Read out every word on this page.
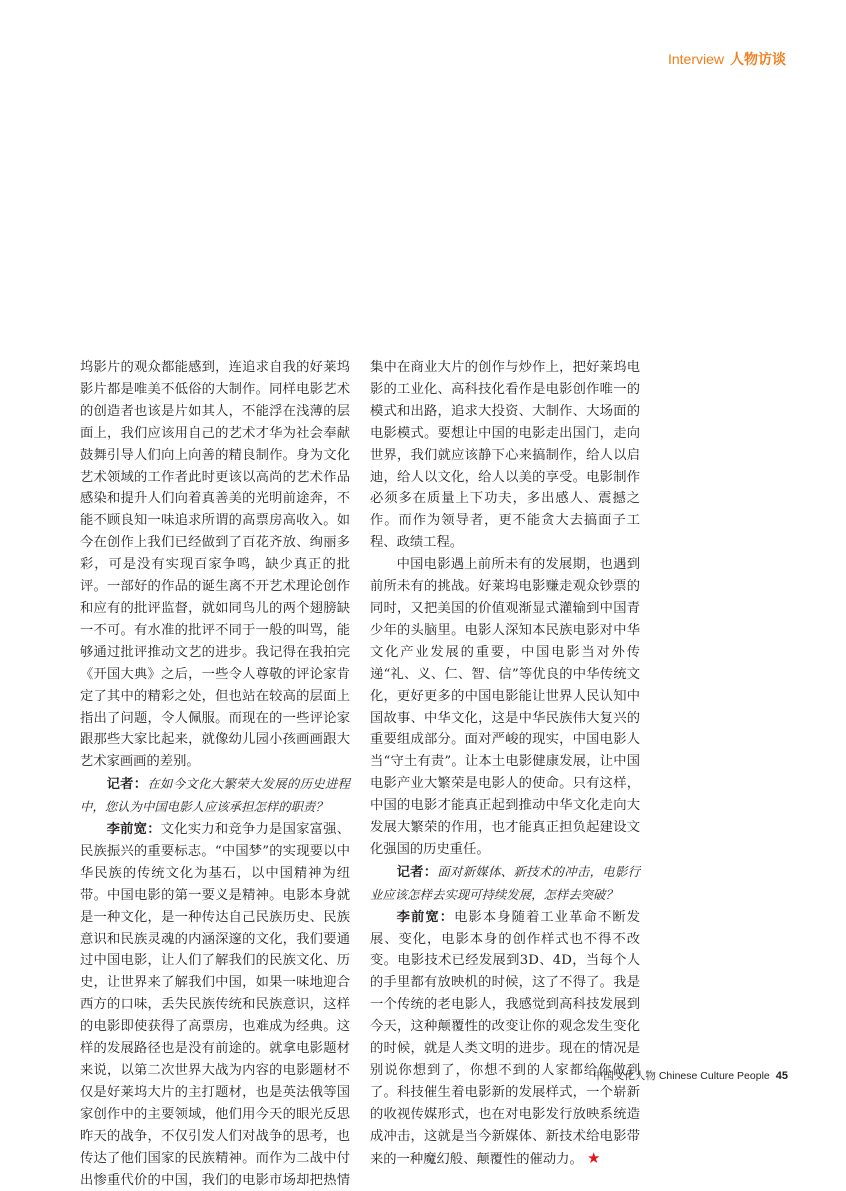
Interview 人物访谈

坞影片的观众都能感到，连追求自我的好莱坞影片都是唯美不低俗的大制作。同样电影艺术的创造者也该是片如其人，不能浮在浅薄的层面上，我们应该用自己的艺术才华为社会奉献鼓舞引导人们向上向善的精良制作。身为文化艺术领域的工作者此时更该以高尚的艺术作品感染和提升人们向着真善美的光明前途奔，不能不顾良知一味追求所谓的高票房高收入。如今在创作上我们已经做到了百花齐放、绚丽多彩，可是没有实现百家争鸣，缺少真正的批评。一部好的作品的诞生离不开艺术理论创作和应有的批评监督，就如同鸟儿的两个翅膀缺一不可。有水准的批评不同于一般的叫骂，能够通过批评推动文艺的进步。我记得在我拍完《开国大典》之后，一些令人尊敬的评论家肯定了其中的精彩之处，但也站在较高的层面上指出了问题，令人佩服。而现在的一些评论家跟那些大家比起来，就像幼儿园小孩画画跟大艺术家画画的差别。

记者：在如今文化大繁荣大发展的历史进程中，您认为中国电影人应该承担怎样的职责？

李前宽：文化实力和竞争力是国家富强、民族振兴的重要标志。“中国梦”的实现要以中华民族的传统文化为基石，以中国精神为纽带。中国电影的第一要义是精神。电影本身就是一种文化，是一种传达自己民族历史、民族意识和民族灵魂的内涵深邃的文化，我们要通过中国电影，让人们了解我们的民族文化、历史，让世界来了解我们中国，如果一味地迎合西方的口味，丢失民族传统和民族意识，这样的电影即使获得了高票房，也难成为经典。这样的发展路径也是没有前途的。就拿电影题材来说，以第二次世界大战为内容的电影题材不仅是好莱坞大片的主打题材，也是英法俄等国家创作中的主要领域，他们用今天的眼光反思昨天的战争，不仅引发人们对战争的思考，也传达了他们国家的民族精神。而作为二战中付出惨重代价的中国，我们的电影市场却把热情集中在商业大片的创作与炒作上，把好莱坞电影的工业化、高科技化看作是电影创作唯一的模式和出路，追求大投资、大制作、大场面的电影模式。要想让中国的电影走出国门，走向世界，我们就应该静下心来搞制作，给人以启迪，给人以文化，给人以美的享受。电影制作必须多在质量上下功夫，多出感人、震撼之作。而作为领导者，更不能贪大去搞面子工程、政绩工程。

中国电影遇上前所未有的发展期，也遇到前所未有的挑战。好莱坞电影赚走观众钞票的同时，又把美国的价值观渐显式灌输到中国青少年的头脑里。电影人深知本民族电影对中华文化产业发展的重要，中国电影当对外传递“礼、义、仁、智、信”等优良的中华传统文化，更好更多的中国电影能让世界人民认知中国故事、中华文化，这是中华民族伟大复兴的重要组成部分。面对严峻的现实，中国电影人当“守土有责”。让本土电影健康发展，让中国电影产业大繁荣是电影人的使命。只有这样，中国的电影才能真正起到推动中华文化走向大发展大繁荣的作用，也才能真正担负起建设文化强国的历史重任。

记者：面对新媒体、新技术的冲击，电影行业应该怎样去实现可持续发展，怎样去突破？

李前宽：电影本身随着工业革命不断发展、变化，电影本身的创作样式也不得不改变。电影技术已经发展到3D、4D，当每个人的手里都有放映机的时候，这了不得了。我是一个传统的老电影人，我感觉到高科技发展到今天，这种颠覆性的改变让你的观念发生变化的时候，就是人类文明的进步。现在的情况是别说你想到了，你想不到的人家都给你做到了。科技催生着电影新的发展样式，一个崭新的收视传媒形式，也在对电影发行放映系统造成冲击，这就是当今新媒体、新技术给电影带来的一种魔幻般、颠覆性的催动力。 ★

中国文化人物 Chinese Culture People 45
